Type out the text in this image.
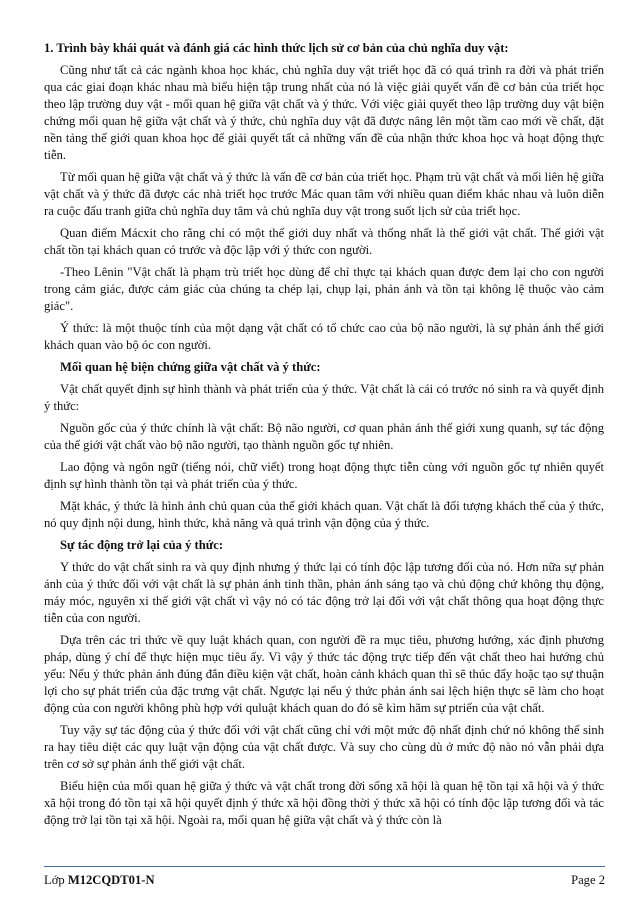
1. Trình bày khái quát và đánh giá các hình thức lịch sử cơ bản của chủ nghĩa duy vật:

Cũng như tất cả các ngành khoa học khác, chủ nghĩa duy vật triết học đã có quá trình ra đời và phát triển qua các giai đoạn khác nhau mà biểu hiện tập trung nhất của nó là việc giải quyết vấn đề cơ bản của triết học theo lập trường duy vật - mối quan hệ giữa vật chất và ý thức. Với việc giải quyết theo lập trường duy vật biện chứng mối quan hệ giữa vật chất và ý thức, chủ nghĩa duy vật đã được nâng lên một tầm cao mới về chất, đặt nền tảng thế giới quan khoa học để giải quyết tất cả những vấn đề của nhận thức khoa học và hoạt động thực tiễn.

Từ mối quan hệ giữa vật chất và ý thức là vấn đề cơ bản của triết học. Phạm trù vật chất và mối liên hệ giữa vật chất và ý thức đã được các nhà triết học trước Mác quan tâm với nhiều quan điểm khác nhau và luôn diễn ra cuộc đấu tranh giữa chủ nghĩa duy tâm và chủ nghĩa duy vật trong suốt lịch sử của triết học.

Quan điểm Mácxit cho rằng chỉ có một thế giới duy nhất và thống nhất là thế giới vật chất. Thế giới vật chất tồn tại khách quan có trước và độc lập với ý thức con người.

-Theo Lênin "Vật chất là phạm trù triết học dùng để chỉ thực tại khách quan được đem lại cho con người trong cảm giác, được cảm giác của chúng ta chép lại, chụp lại, phản ánh và tồn tại không lệ thuộc vào cảm giác".

Ý thức: là một thuộc tính của một dạng vật chất có tổ chức cao của bộ não người, là sự phản ánh thế giới khách quan vào bộ óc con người.

Mối quan hệ biện chứng giữa vật chất và ý thức:

Vật chất quyết định sự hình thành và phát triển của ý thức. Vật chất là cái có trước nó sinh ra và quyết định ý thức:

Nguồn gốc của ý thức chính là vật chất: Bộ não người, cơ quan phản ánh thế giới xung quanh, sự tác động của thế giới vật chất vào bộ não người, tạo thành nguồn gốc tự nhiên.

Lao động và ngôn ngữ (tiếng nói, chữ viết) trong hoạt động thực tiễn cùng với nguồn gốc tự nhiên quyết định sự hình thành tồn tại và phát triển của ý thức.

Mặt khác, ý thức là hình ảnh chủ quan của thế giới khách quan. Vật chất là đối tượng khách thể của ý thức, nó quy định nội dung, hình thức, khả năng và quá trình vận động của ý thức.

Sự tác động trở lại của ý thức:

Y thức do vật chất sinh ra và quy định nhưng ý thức lại có tính độc lập tương đối của nó. Hơn nữa sự phản ánh của ý thức đối với vật chất là sự phản ánh tinh thần, phản ánh sáng tạo và chủ động chứ không thụ động, máy móc, nguyên xi thế giới vật chất vì vậy nó có tác động trở lại đối với vật chất thông qua hoạt động thực tiễn của con người.

Dựa trên các tri thức về quy luật khách quan, con người đề ra mục tiêu, phương hướng, xác định phương pháp, dùng ý chí để thực hiện mục tiêu ấy. Vì vậy ý thức tác động trực tiếp đến vật chất theo hai hướng chủ yếu: Nếu ý thức phản ánh đúng đắn điều kiện vật chất, hoàn cảnh khách quan thì sẽ thúc đẩy hoặc tạo sự thuận lợi cho sự phát triển của đặc trưng vật chất. Ngược lại nếu ý thức phản ánh sai lệch hiện thực sẽ làm cho hoạt động của con người không phù hợp với quluật khách quan do đó sẽ kìm hãm sự ptriển của vật chất.

Tuy vậy sự tác động của ý thức đối với vật chất cũng chỉ với một mức độ nhất định chứ nó không thể sinh ra hay tiêu diệt các quy luật vận động của vật chất được. Và suy cho cùng dù ở mức độ nào nó vẫn phải dựa trên cơ sở sự phản ánh thế giới vật chất.

Biểu hiện của mối quan hệ giữa ý thức và vật chất trong đời sống xã hội là quan hệ tồn tại xã hội và ý thức xã hội trong đó tồn tại xã hội quyết định ý thức xã hội đồng thời ý thức xã hội có tính độc lập tương đối và tác động trở lại tồn tại xã hội. Ngoài ra, mối quan hệ giữa vật chất và ý thức còn là

Lớp M12CQDT01-N	Page 2
